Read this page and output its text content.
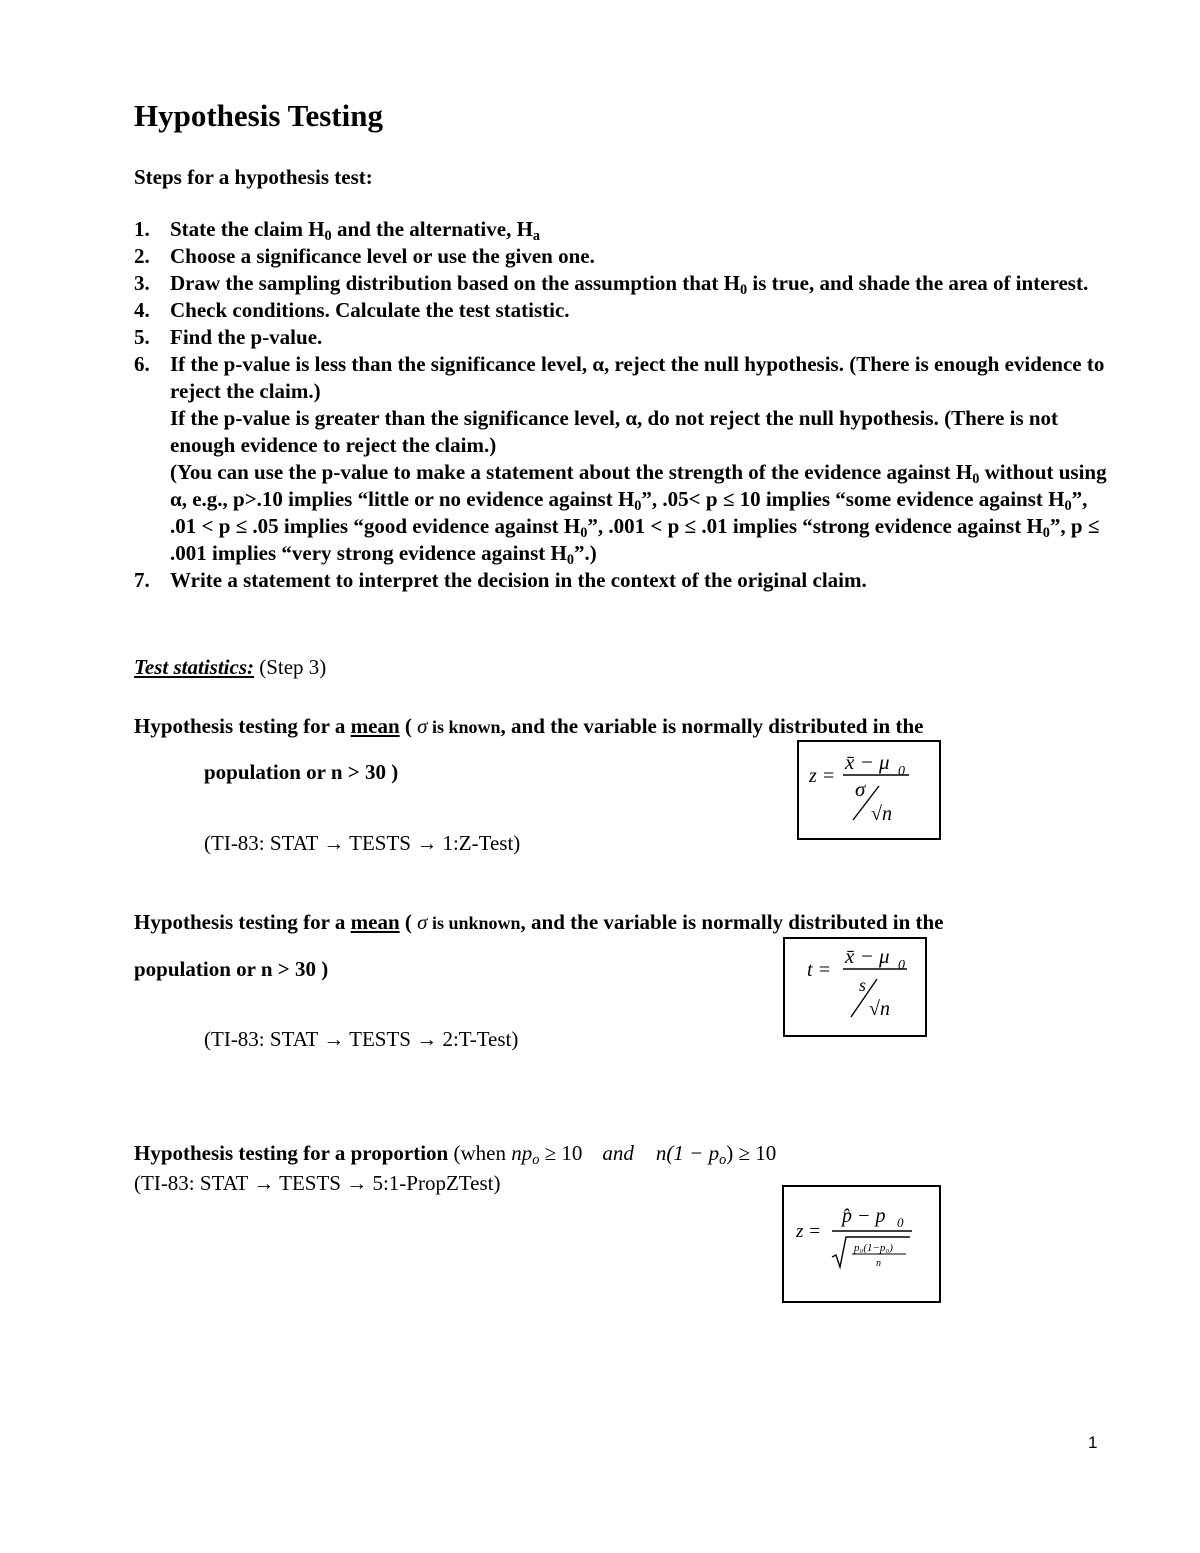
Hypothesis Testing
Steps for a hypothesis test:
1. State the claim $H_0$ and the alternative, $H_a$
2. Choose a significance level or use the given one.
3. Draw the sampling distribution based on the assumption that $H_0$ is true, and shade the area of interest.
4. Check conditions. Calculate the test statistic.
5. Find the p-value.
6. If the p-value is less than the significance level, α, reject the null hypothesis. (There is enough evidence to reject the claim.)
If the p-value is greater than the significance level, α, do not reject the null hypothesis. (There is not enough evidence to reject the claim.)
(You can use the p-value to make a statement about the strength of the evidence against $H_0$ without using α, e.g., p>.10 implies “little or no evidence against $H_0$”, .05< p ≤ 10 implies “some evidence against $H_0$”, .01 < p ≤ .05 implies “good evidence against $H_0$”, .001 < p ≤ .01 implies “strong evidence against $H_0$”, p ≤ .001 implies “very strong evidence against $H_0$”.)
7. Write a statement to interpret the decision in the context of the original claim.
Test statistics: (Step 3)
Hypothesis testing for a mean ( σ is known, and the variable is normally distributed in the
population or n > 30 )
(TI-83: STAT → TESTS → 1:Z-Test)
z =
x̄ − μ 0
σ
√n
Hypothesis testing for a mean ( σ is unknown, and the variable is normally distributed in the
population or n > 30 )
(TI-83: STAT → TESTS → 2:T-Test)
t =
x̄ − μ 0
s
√n
Hypothesis testing for a proportion (when $np_o \ge 10$ and $n(1 - p_o) \ge 10$
(TI-83: STAT → TESTS → 5:1-PropZTest)
z =
p̂ − p 0
p₀(1−p₀)
n
1
